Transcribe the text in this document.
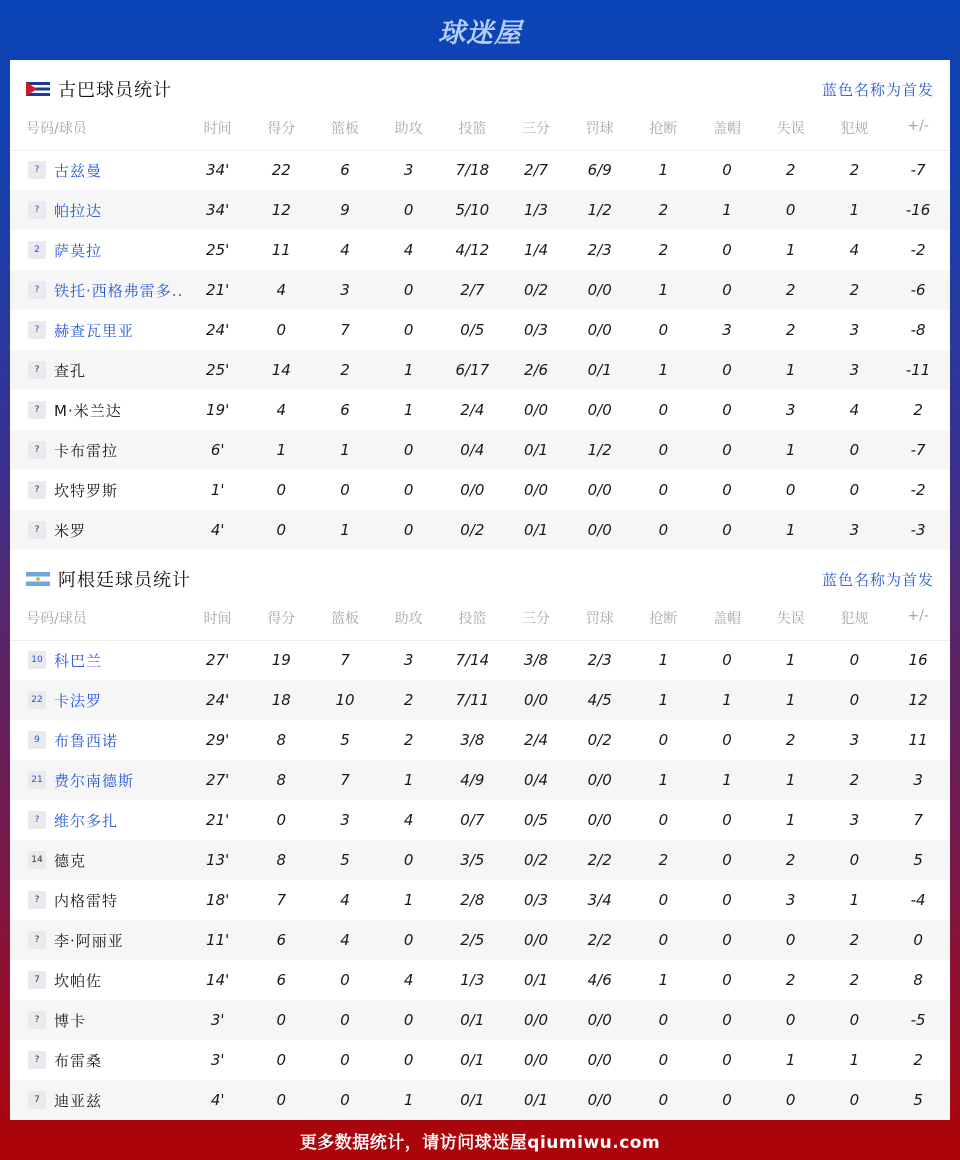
球迷屋
古巴球员统计	蓝色名称为首发
号码/球员	时间	得分	篮板	助攻	投篮	三分	罚球	抢断	盖帽	失误	犯规	+/-
? 古兹曼	34'	22	6	3	7/18	2/7	6/9	1	0	2	2	-7
? 帕拉达	34'	12	9	0	5/10	1/3	1/2	2	1	0	1	-16
2 萨莫拉	25'	11	4	4	4/12	1/4	2/3	2	0	1	4	-2
? 铁托·西格弗雷多..	21'	4	3	0	2/7	0/2	0/0	1	0	2	2	-6
? 赫查瓦里亚	24'	0	7	0	0/5	0/3	0/0	0	3	2	3	-8
? 查孔	25'	14	2	1	6/17	2/6	0/1	1	0	1	3	-11
? M·米兰达	19'	4	6	1	2/4	0/0	0/0	0	0	3	4	2
? 卡布雷拉	6'	1	1	0	0/4	0/1	1/2	0	0	1	0	-7
? 坎特罗斯	1'	0	0	0	0/0	0/0	0/0	0	0	0	0	-2
? 米罗	4'	0	1	0	0/2	0/1	0/0	0	0	1	3	-3
阿根廷球员统计	蓝色名称为首发
号码/球员	时间	得分	篮板	助攻	投篮	三分	罚球	抢断	盖帽	失误	犯规	+/-
10 科巴兰	27'	19	7	3	7/14	3/8	2/3	1	0	1	0	16
22 卡法罗	24'	18	10	2	7/11	0/0	4/5	1	1	1	0	12
9 布鲁西诺	29'	8	5	2	3/8	2/4	0/2	0	0	2	3	11
21 费尔南德斯	27'	8	7	1	4/9	0/4	0/0	1	1	1	2	3
? 维尔多扎	21'	0	3	4	0/7	0/5	0/0	0	0	1	3	7
14 德克	13'	8	5	0	3/5	0/2	2/2	2	0	2	0	5
? 内格雷特	18'	7	4	1	2/8	0/3	3/4	0	0	3	1	-4
? 李·阿丽亚	11'	6	4	0	2/5	0/0	2/2	0	0	0	2	0
7 坎帕佐	14'	6	0	4	1/3	0/1	4/6	1	0	2	2	8
? 博卡	3'	0	0	0	0/1	0/0	0/0	0	0	0	0	-5
? 布雷桑	3'	0	0	0	0/1	0/0	0/0	0	0	1	1	2
7 迪亚兹	4'	0	0	1	0/1	0/1	0/0	0	0	0	0	5
更多数据统计，请访问球迷屋qiumiwu.com
